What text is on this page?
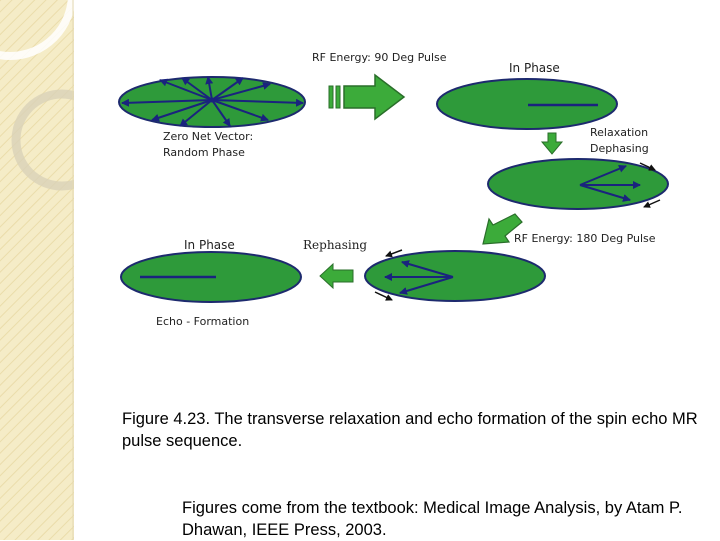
RF Energy: 90 Deg Pulse
In Phase
Zero Net Vector:
Random Phase
Relaxation
Dephasing
In Phase	Rephasing	RF Energy: 180 Deg Pulse
Echo - Formation
Figure 4.23. The transverse relaxation and echo formation of the spin echo MR pulse sequence.
Figures come from the textbook: Medical Image Analysis, by Atam P. Dhawan, IEEE Press, 2003.
